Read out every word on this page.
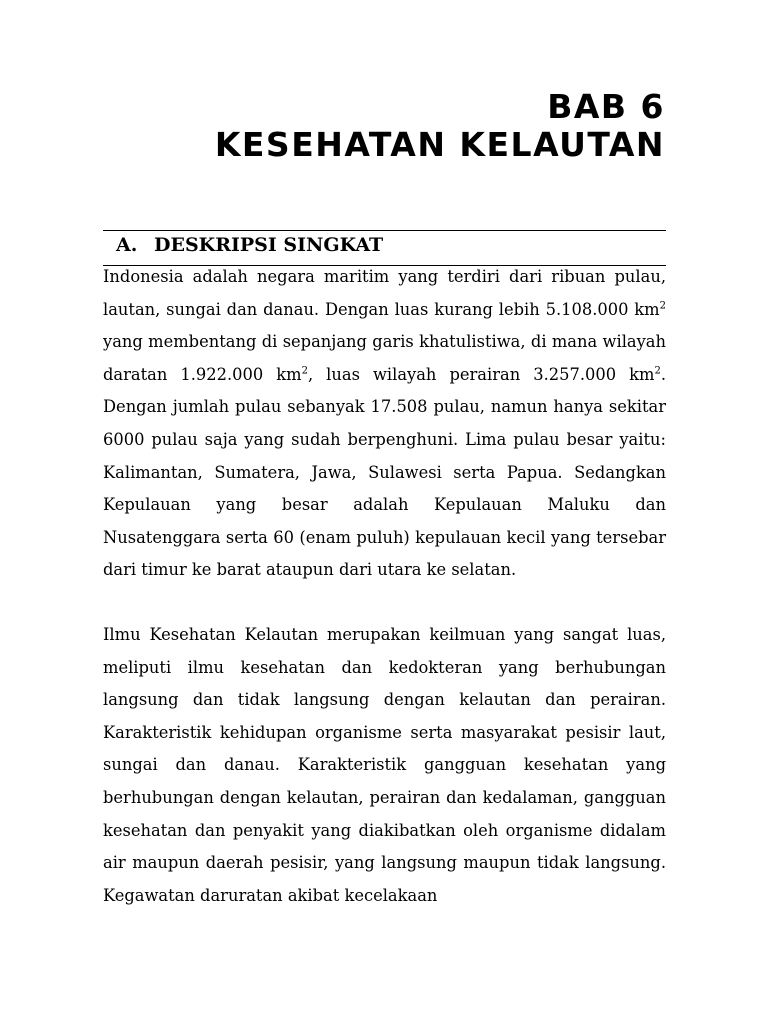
BAB 6
KESEHATAN KELAUTAN
A. DESKRIPSI SINGKAT

Indonesia adalah negara maritim yang terdiri dari ribuan pulau, lautan, sungai dan danau. Dengan luas kurang lebih 5.108.000 $km^2$ yang membentang di sepanjang garis khatulistiwa, di mana wilayah daratan 1.922.000 $km^2$, luas wilayah perairan 3.257.000 $km^2$. Dengan jumlah pulau sebanyak 17.508 pulau, namun hanya sekitar 6000 pulau saja yang sudah berpenghuni. Lima pulau besar yaitu: Kalimantan, Sumatera, Jawa, Sulawesi serta Papua. Sedangkan Kepulauan yang besar adalah Kepulauan Maluku dan Nusatenggara serta 60 (enam puluh) kepulauan kecil yang tersebar dari timur ke barat ataupun dari utara ke selatan.

Ilmu Kesehatan Kelautan merupakan keilmuan yang sangat luas, meliputi ilmu kesehatan dan kedokteran yang berhubungan langsung dan tidak langsung dengan kelautan dan perairan. Karakteristik kehidupan organisme serta masyarakat pesisir laut, sungai dan danau. Karakteristik gangguan kesehatan yang berhubungan dengan kelautan, perairan dan kedalaman, gangguan kesehatan dan penyakit yang diakibatkan oleh organisme didalam air maupun daerah pesisir, yang langsung maupun tidak langsung. Kegawatan daruratan akibat kecelakaan
